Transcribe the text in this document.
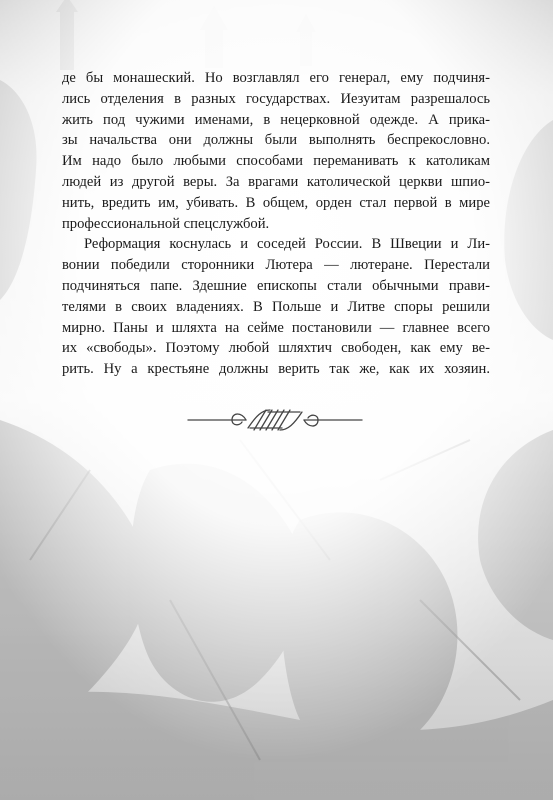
де бы монашеский. Но возглавлял его генерал, ему подчиня-
лись отделения в разных государствах. Иезуитам разрешалось
жить под чужими именами, в нецерковной одежде. А прика-
зы начальства они должны были выполнять беспрекословно.
Им надо было любыми способами переманивать к католикам
людей из другой веры. За врагами католической церкви шпио-
нить, вредить им, убивать. В общем, орден стал первой в мире
профессиональной спецслужбой.

Реформация коснулась и соседей России. В Швеции и Ли-
вонии победили сторонники Лютера — лютеране. Перестали
подчиняться папе. Здешние епископы стали обычными прави-
телями в своих владениях. В Польше и Литве споры решили
мирно. Паны и шляхта на сейме постановили — главнее всего
их «свободы». Поэтому любой шляхтич свободен, как ему ве-
рить. Ну а крестьяне должны верить так же, как их хозяин.
